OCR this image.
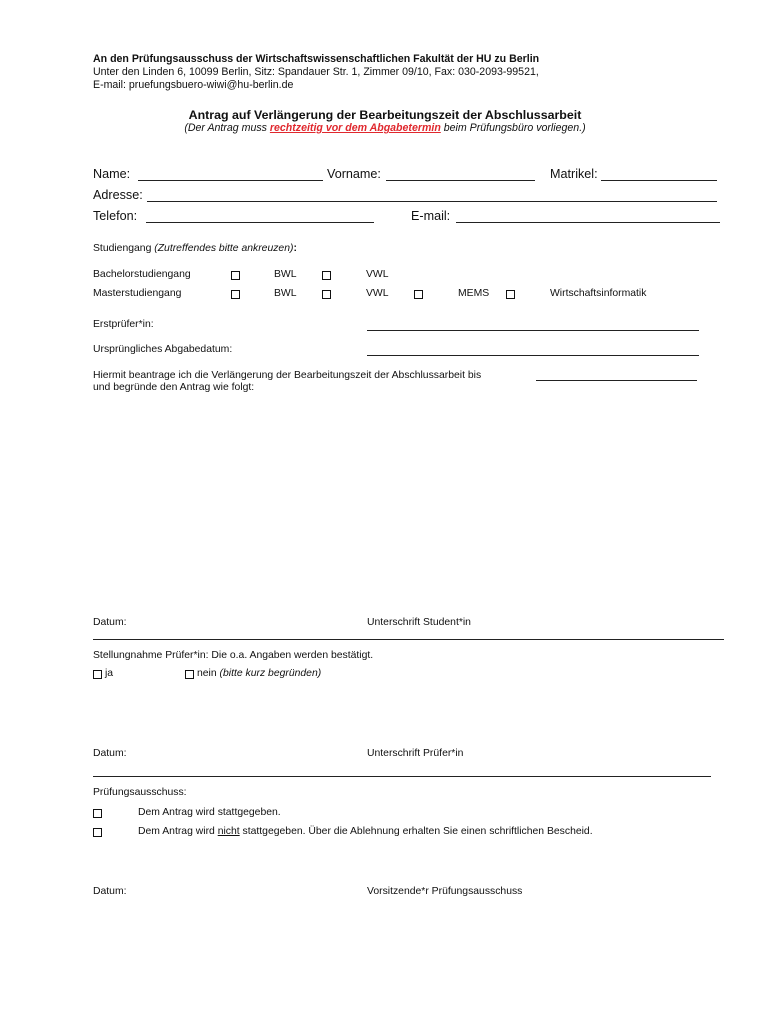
An den Prüfungsausschuss der Wirtschaftswissenschaftlichen Fakultät der HU zu Berlin
Unter den Linden 6, 10099 Berlin, Sitz: Spandauer Str. 1, Zimmer 09/10, Fax: 030-2093-99521,
E-mail: pruefungsbuero-wiwi@hu-berlin.de
Antrag auf Verlängerung der Bearbeitungszeit der Abschlussarbeit
(Der Antrag muss rechtzeitig vor dem Abgabetermin beim Prüfungsbüro vorliegen.)
Name:	Vorname:	Matrikel:
Adresse:
Telefon:	E-mail:
Studiengang (Zutreffendes bitte ankreuzen):
Bachelorstudiengang	BWL	VWL
Masterstudiengang	BWL	VWL	MEMS	Wirtschaftsinformatik
Erstprüfer*in:
Ursprüngliches Abgabedatum:
Hiermit beantrage ich die Verlängerung der Bearbeitungszeit der Abschlussarbeit bis
und begründe den Antrag wie folgt:
Datum:	Unterschrift Student*in
Stellungnahme Prüfer*in: Die o.a. Angaben werden bestätigt.
ja	nein (bitte kurz begründen)
Datum:	Unterschrift Prüfer*in
Prüfungsausschuss:
Dem Antrag wird stattgegeben.
Dem Antrag wird nicht stattgegeben. Über die Ablehnung erhalten Sie einen schriftlichen Bescheid.
Datum:	Vorsitzende*r Prüfungsausschuss
